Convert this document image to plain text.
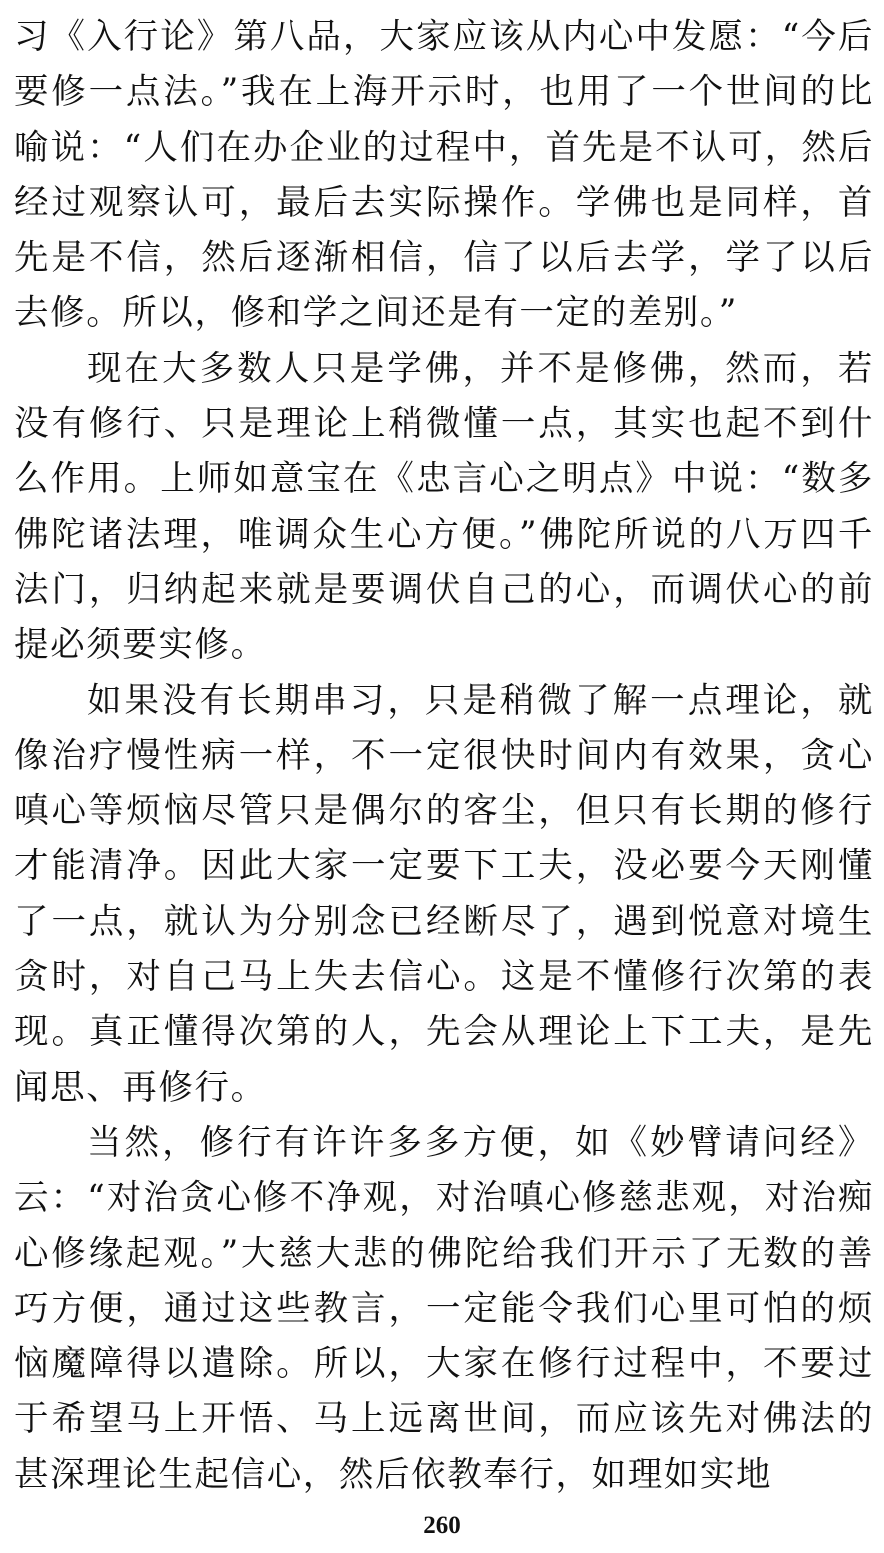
习《入行论》第八品，大家应该从内心中发愿：“今后要修一点法。”我在上海开示时，也用了一个世间的比喻说：“人们在办企业的过程中，首先是不认可，然后经过观察认可，最后去实际操作。学佛也是同样，首先是不信，然后逐渐相信，信了以后去学，学了以后去修。所以，修和学之间还是有一定的差别。”

现在大多数人只是学佛，并不是修佛，然而，若没有修行、只是理论上稍微懂一点，其实也起不到什么作用。上师如意宝在《忠言心之明点》中说：“数多佛陀诸法理，唯调众生心方便。”佛陀所说的八万四千法门，归纳起来就是要调伏自己的心，而调伏心的前提必须要实修。

如果没有长期串习，只是稍微了解一点理论，就像治疗慢性病一样，不一定很快时间内有效果，贪心嗔心等烦恼尽管只是偶尔的客尘，但只有长期的修行才能清净。因此大家一定要下工夫，没必要今天刚懂了一点，就认为分别念已经断尽了，遇到悦意对境生贪时，对自己马上失去信心。这是不懂修行次第的表现。真正懂得次第的人，先会从理论上下工夫，是先闻思、再修行。

当然，修行有许许多多方便，如《妙臂请问经》云：“对治贪心修不净观，对治嗔心修慈悲观，对治痴心修缘起观。”大慈大悲的佛陀给我们开示了无数的善巧方便，通过这些教言，一定能令我们心里可怕的烦恼魔障得以遣除。所以，大家在修行过程中，不要过于希望马上开悟、马上远离世间，而应该先对佛法的甚深理论生起信心，然后依教奉行，如理如实地

260
